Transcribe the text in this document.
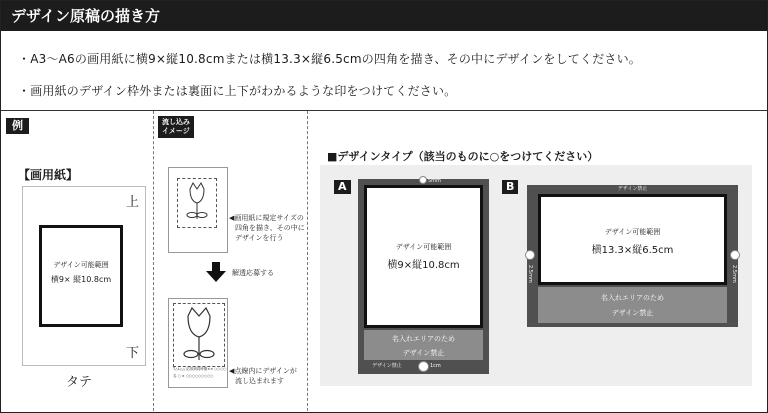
デザイン原稿の描き方
・A3～A6の画用紙に横9×縦10.8cmまたは横13.3×縦6.5cmの四角を描き、その中にデザインをしてください。
・画用紙のデザイン枠外または裏面に上下がわかるような印をつけてください。
例
【画用紙】
上
デザイン可能範囲
横9× 縦10.8cm
下
タテ
流し込み
イメージ
◀画用紙に規定サイズの
四角を描き、その中に
デザインを行う
解透応募する
T△L△△ 応募到同時期×× ○○○○
名 ○ × ○○○○○○○○○
◀点線内にデザインが
流し込まれます
■デザインタイプ（該当のものに○をつけてください）
A	5mm
デザイン可能範囲
横9×縦10.8cm
名入れエリアのため
デザイン禁止
デザイン禁止	1cm
B	デザイン禁止
デザイン可能範囲
横13.3×縦6.5cm
2.5mm	2.5mm
名入れエリアのため
デザイン禁止
